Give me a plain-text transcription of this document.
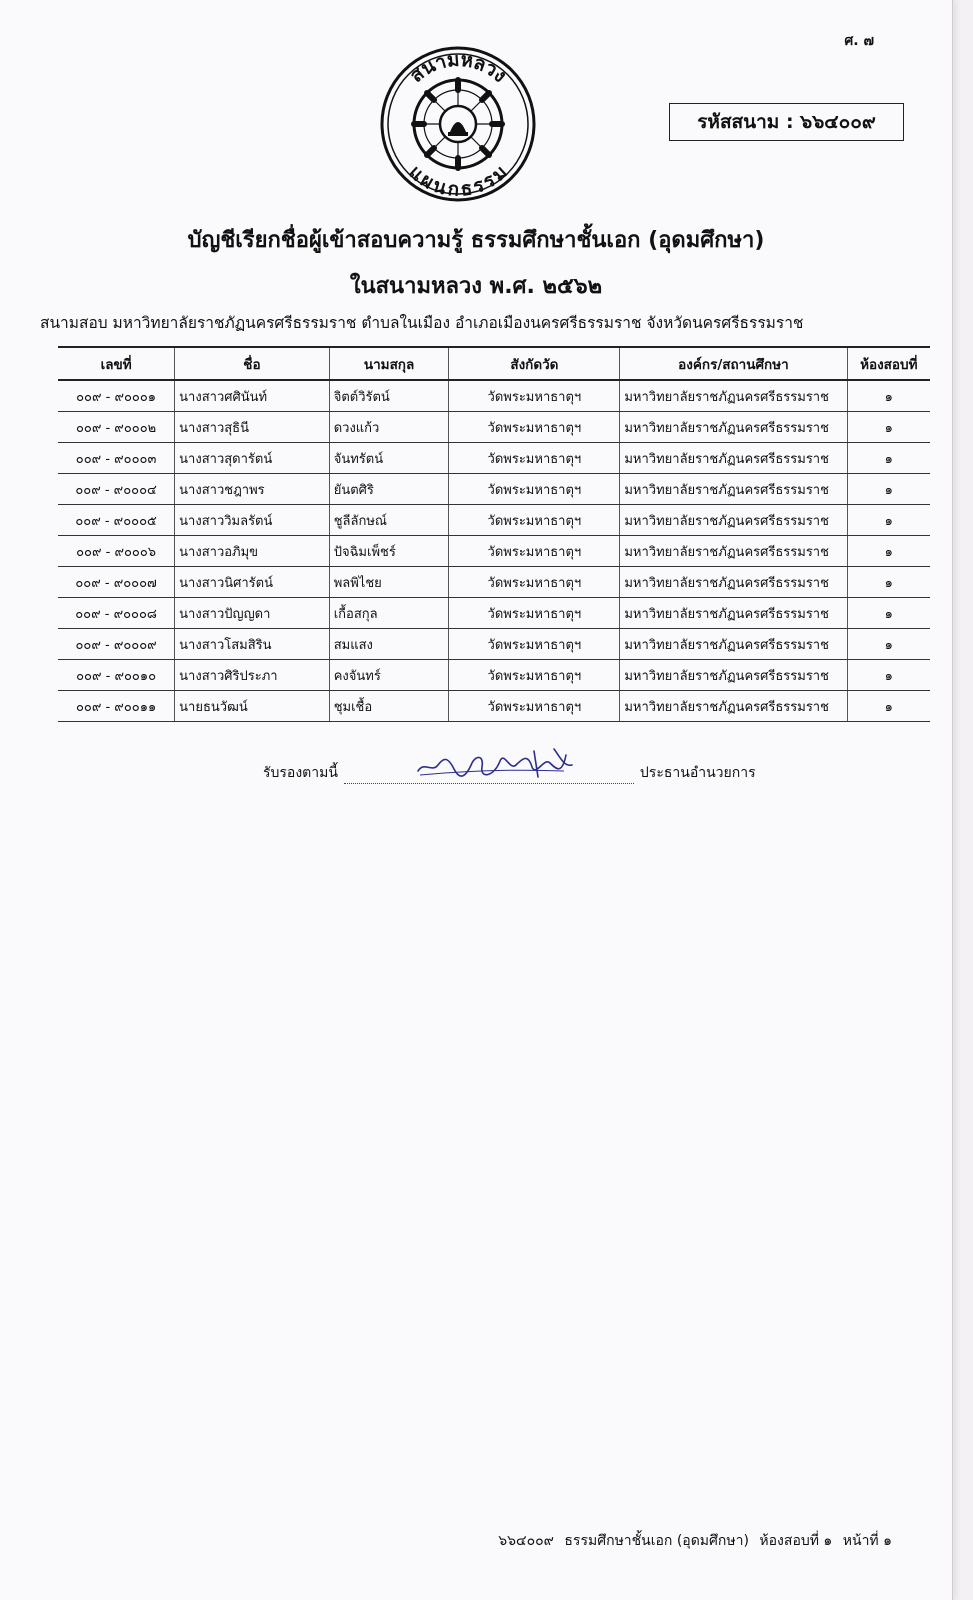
ศ. ๗
สนามหลวง
แผนกธรรม
รหัสสนาม : ๖๖๔๐๐๙
บัญชีเรียกชื่อผู้เข้าสอบความรู้ ธรรมศึกษาชั้นเอก (อุดมศึกษา)
ในสนามหลวง พ.ศ. ๒๕๖๒
สนามสอบ มหาวิทยาลัยราชภัฏนครศรีธรรมราช ตำบลในเมือง อำเภอเมืองนครศรีธรรมราช จังหวัดนครศรีธรรมราช
เลขที่	ชื่อ	นามสกุล	สังกัดวัด	องค์กร/สถานศึกษา	ห้องสอบที่
๐๐๙ - ๙๐๐๐๑	นางสาวศศินันท์	จิตต์วิรัตน์	วัดพระมหาธาตุฯ	มหาวิทยาลัยราชภัฏนครศรีธรรมราช	๑
๐๐๙ - ๙๐๐๐๒	นางสาวสุธินี	ดวงแก้ว	วัดพระมหาธาตุฯ	มหาวิทยาลัยราชภัฏนครศรีธรรมราช	๑
๐๐๙ - ๙๐๐๐๓	นางสาวสุดารัตน์	จันทรัตน์	วัดพระมหาธาตุฯ	มหาวิทยาลัยราชภัฏนครศรีธรรมราช	๑
๐๐๙ - ๙๐๐๐๔	นางสาวชฎาพร	ยันตศิริ	วัดพระมหาธาตุฯ	มหาวิทยาลัยราชภัฏนครศรีธรรมราช	๑
๐๐๙ - ๙๐๐๐๕	นางสาววิมลรัตน์	ชูลีลักษณ์	วัดพระมหาธาตุฯ	มหาวิทยาลัยราชภัฏนครศรีธรรมราช	๑
๐๐๙ - ๙๐๐๐๖	นางสาวอภิมุข	ปัจฉิมเพ็ชร์	วัดพระมหาธาตุฯ	มหาวิทยาลัยราชภัฏนครศรีธรรมราช	๑
๐๐๙ - ๙๐๐๐๗	นางสาวนิศารัตน์	พลพิไชย	วัดพระมหาธาตุฯ	มหาวิทยาลัยราชภัฏนครศรีธรรมราช	๑
๐๐๙ - ๙๐๐๐๘	นางสาวปัญญดา	เกื้อสกุล	วัดพระมหาธาตุฯ	มหาวิทยาลัยราชภัฏนครศรีธรรมราช	๑
๐๐๙ - ๙๐๐๐๙	นางสาวโสมสิริน	สมแสง	วัดพระมหาธาตุฯ	มหาวิทยาลัยราชภัฏนครศรีธรรมราช	๑
๐๐๙ - ๙๐๐๑๐	นางสาวศิริประภา	คงจันทร์	วัดพระมหาธาตุฯ	มหาวิทยาลัยราชภัฏนครศรีธรรมราช	๑
๐๐๙ - ๙๐๐๑๑	นายธนวัฒน์	ชุมเชื้อ	วัดพระมหาธาตุฯ	มหาวิทยาลัยราชภัฏนครศรีธรรมราช	๑
รับรองตามนี้	ประธานอำนวยการ
๖๖๔๐๐๙ ธรรมศึกษาชั้นเอก (อุดมศึกษา) ห้องสอบที่ ๑ หน้าที่ ๑
